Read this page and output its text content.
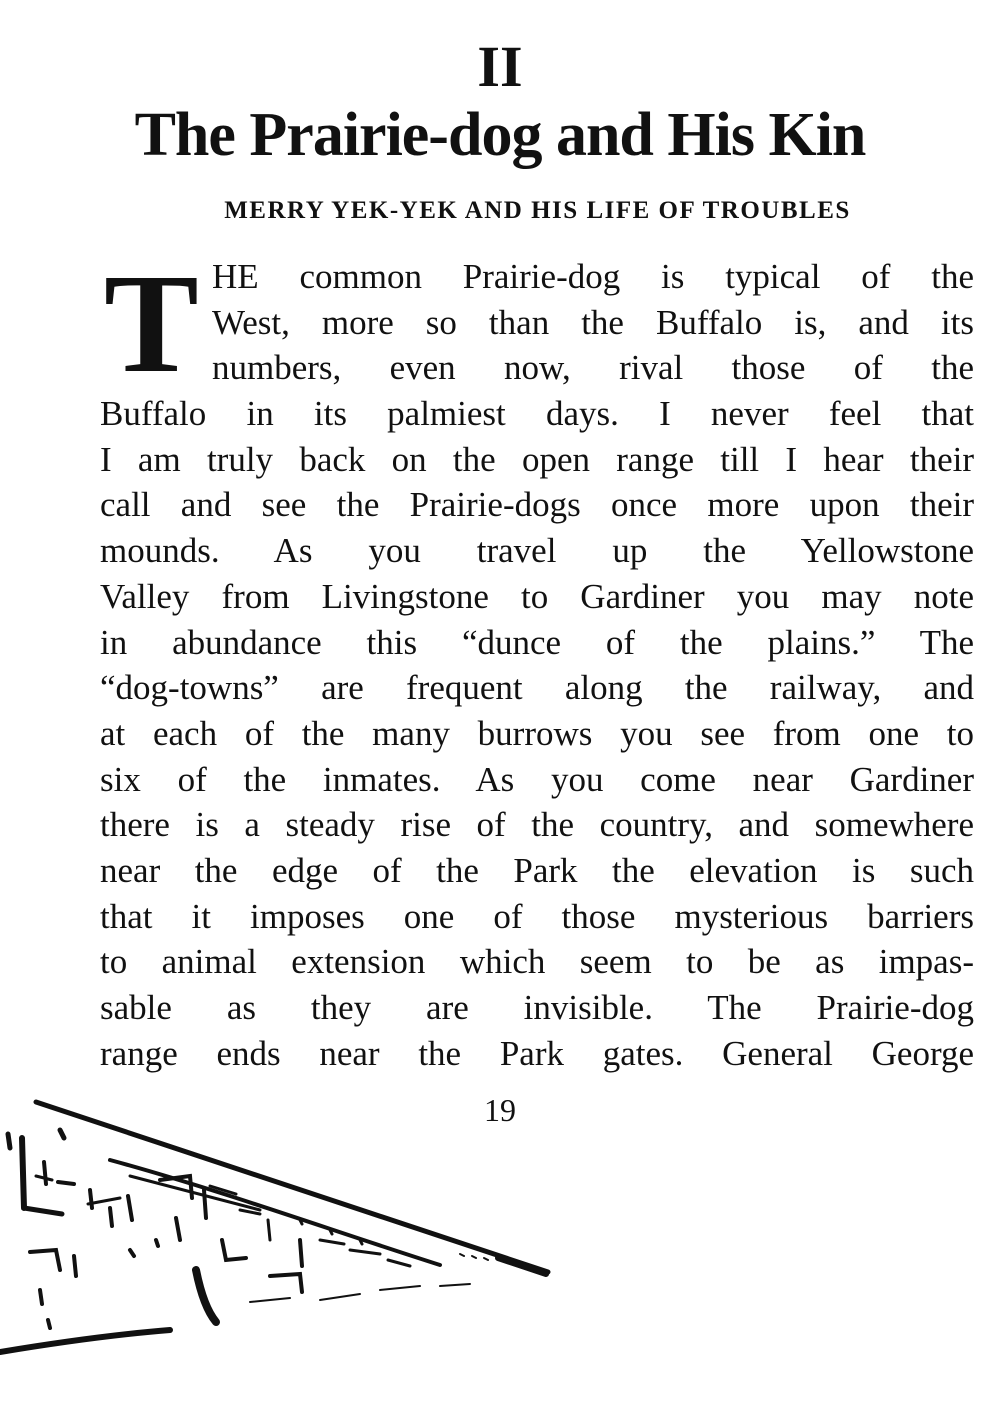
II
The Prairie-dog and His Kin
MERRY YEK-YEK AND HIS LIFE OF TROUBLES
T HE common Prairie-dog is typical of the
West, more so than the Buffalo is, and its
numbers, even now, rival those of the
Buffalo in its palmiest days. I never feel that
I am truly back on the open range till I hear their
call and see the Prairie-dogs once more upon their
mounds. As you travel up the Yellowstone
Valley from Livingstone to Gardiner you may note
in abundance this “dunce of the plains.” The
“dog-towns” are frequent along the railway, and
at each of the many burrows you see from one to
six of the inmates. As you come near Gardiner
there is a steady rise of the country, and somewhere
near the edge of the Park the elevation is such
that it imposes one of those mysterious barriers
to animal extension which seem to be as impas-
sable as they are invisible. The Prairie-dog
range ends near the Park gates. General George
19
